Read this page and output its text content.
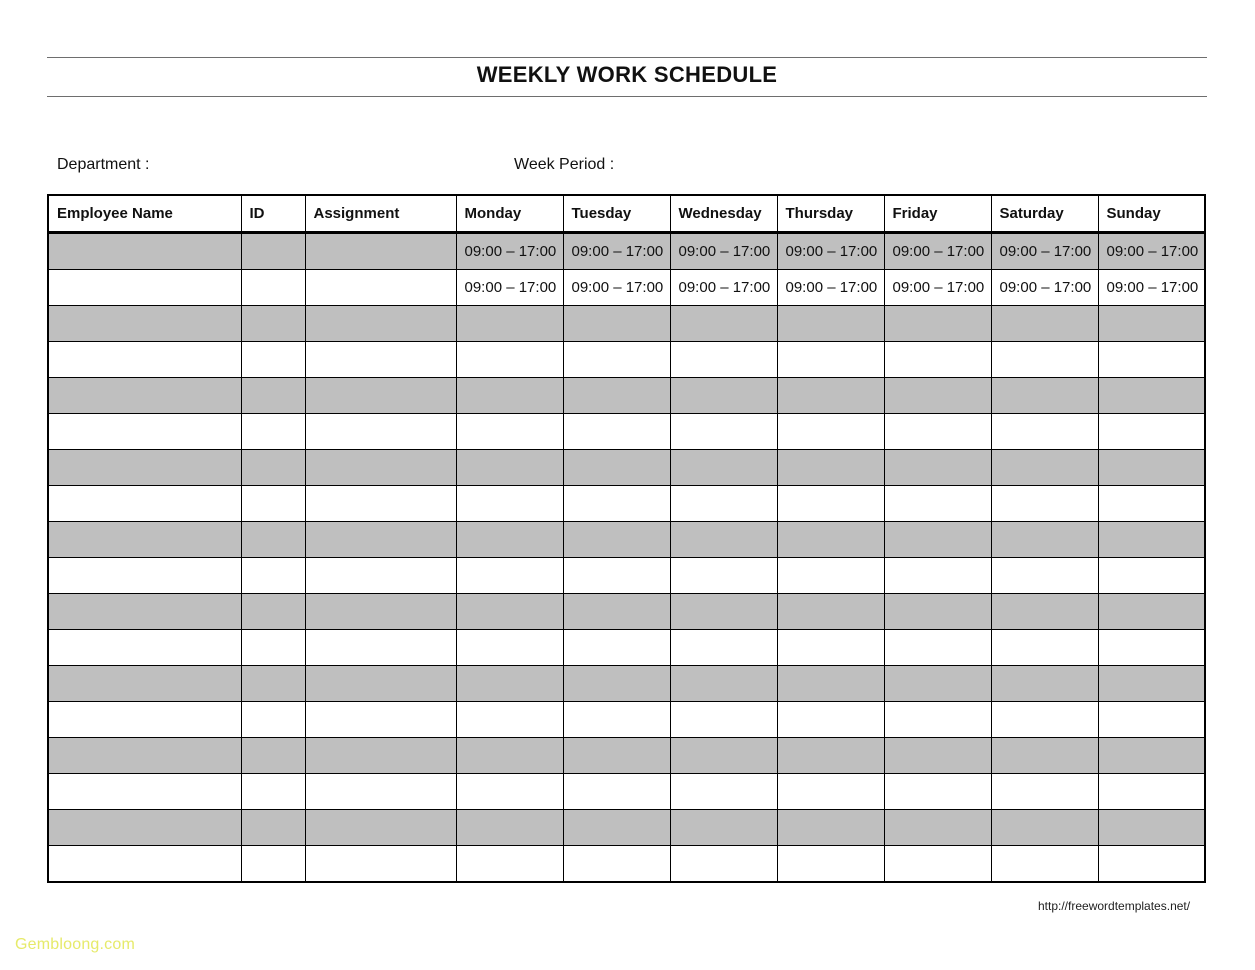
WEEKLY WORK SCHEDULE
Department :	Week Period :
Employee Name	ID	Assignment	Monday	Tuesday	Wednesday	Thursday	Friday	Saturday	Sunday
			09:00 – 17:00	09:00 – 17:00	09:00 – 17:00	09:00 – 17:00	09:00 – 17:00	09:00 – 17:00	09:00 – 17:00
			09:00 – 17:00	09:00 – 17:00	09:00 – 17:00	09:00 – 17:00	09:00 – 17:00	09:00 – 17:00	09:00 – 17:00

http://freewordtemplates.net/
Gembloong.com
